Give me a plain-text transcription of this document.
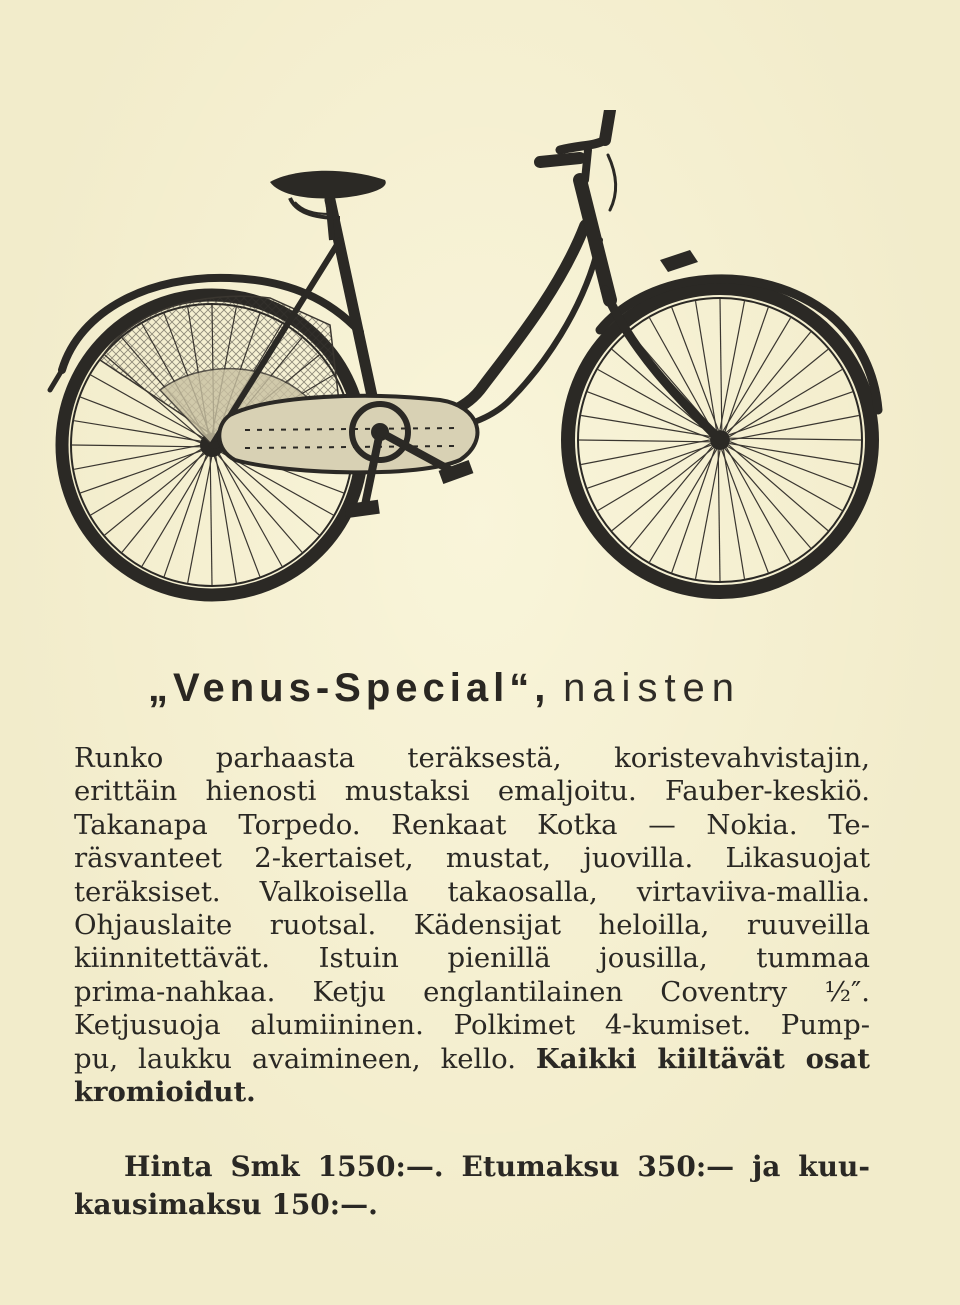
„Venus-Special“, naisten
Runko parhaasta teräksestä, koristevahvistajin,
erittäin hienosti mustaksi emaljoitu. Fauber-keskiö.
Takanapa Torpedo. Renkaat Kotka — Nokia. Te-
räsvanteet 2-kertaiset, mustat, juovilla. Likasuojat
teräksiset. Valkoisella takaosalla, virtaviiva-mallia.
Ohjauslaite ruotsal. Kädensijat heloilla, ruuveilla
kiinnitettävät. Istuin pienillä jousilla, tummaa
prima-nahkaa. Ketju englantilainen Coventry ½″.
Ketjusuoja alumiininen. Polkimet 4-kumiset. Pump-
pu, laukku avaimineen, kello. Kaikki kiiltävät osat
kromioidut.
Hinta Smk 1550:—. Etumaksu 350:— ja kuu-
kausimaksu 150:—.
